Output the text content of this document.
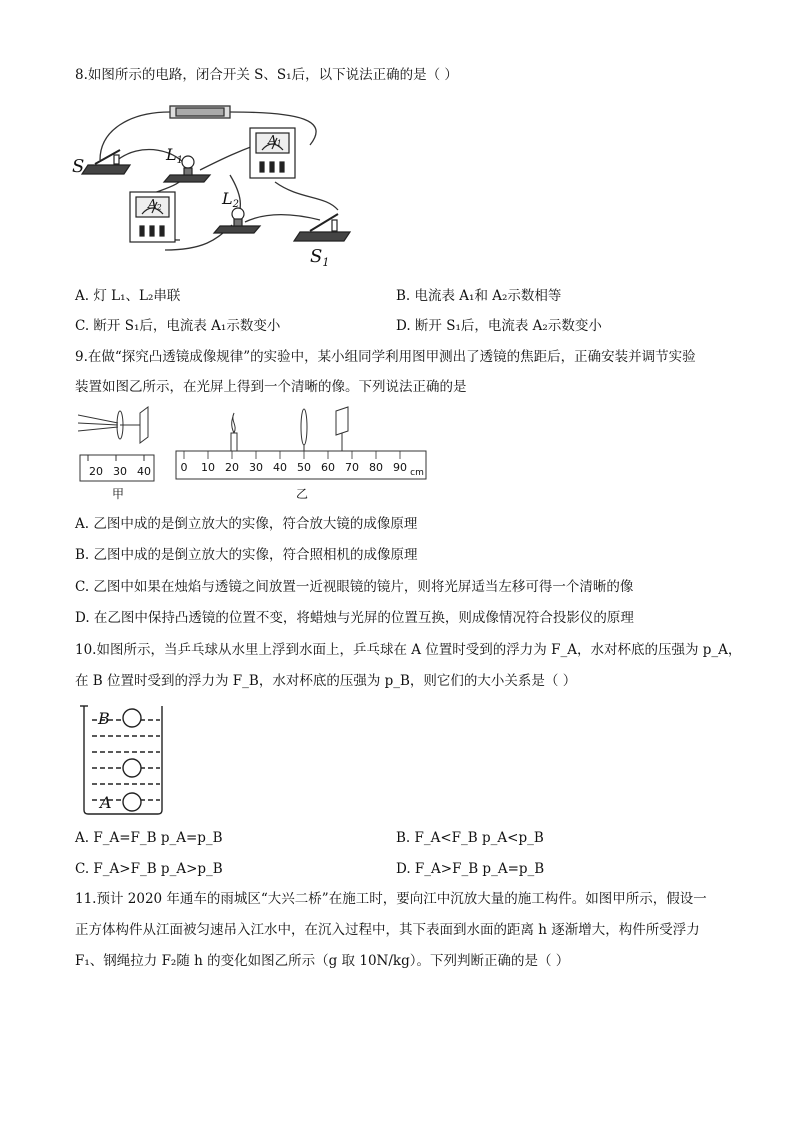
8.如图所示的电路，闭合开关 S、S₁后，以下说法正确的是（ ）
S
L1
A1
A2	L2
$S_1$
A. 灯 L₁、L₂串联	B. 电流表 A₁和 A₂示数相等
C. 断开 S₁后，电流表 A₁示数变小	D. 断开 S₁后，电流表 A₂示数变小
9.在做“探究凸透镜成像规律”的实验中，某小组同学利用图甲测出了透镜的焦距后，正确安装并调节实验
装置如图乙所示，在光屏上得到一个清晰的像。下列说法正确的是
20 30 40
甲
0 10 20 30 40 50 60 70 80 90 cm
乙
A. 乙图中成的是倒立放大的实像，符合放大镜的成像原理
B. 乙图中成的是倒立放大的实像，符合照相机的成像原理
C. 乙图中如果在烛焰与透镜之间放置一近视眼镜的镜片，则将光屏适当左移可得一个清晰的像
D. 在乙图中保持凸透镜的位置不变，将蜡烛与光屏的位置互换，则成像情况符合投影仪的原理
10.如图所示，当乒乓球从水里上浮到水面上，乒乓球在 A 位置时受到的浮力为 F_A，水对杯底的压强为 p_A，
在 B 位置时受到的浮力为 F_B，水对杯底的压强为 p_B，则它们的大小关系是（ ）
B
A
A. F_A=F_B p_A=p_B	B. F_A<F_B p_A<p_B
C. F_A>F_B p_A>p_B	D. F_A>F_B p_A=p_B
11.预计 2020 年通车的雨城区“大兴二桥”在施工时，要向江中沉放大量的施工构件。如图甲所示，假设一
正方体构件从江面被匀速吊入江水中，在沉入过程中，其下表面到水面的距离 h 逐渐增大，构件所受浮力
F₁、钢绳拉力 F₂随 h 的变化如图乙所示（g 取 10N/kg）。下列判断正确的是（ ）
